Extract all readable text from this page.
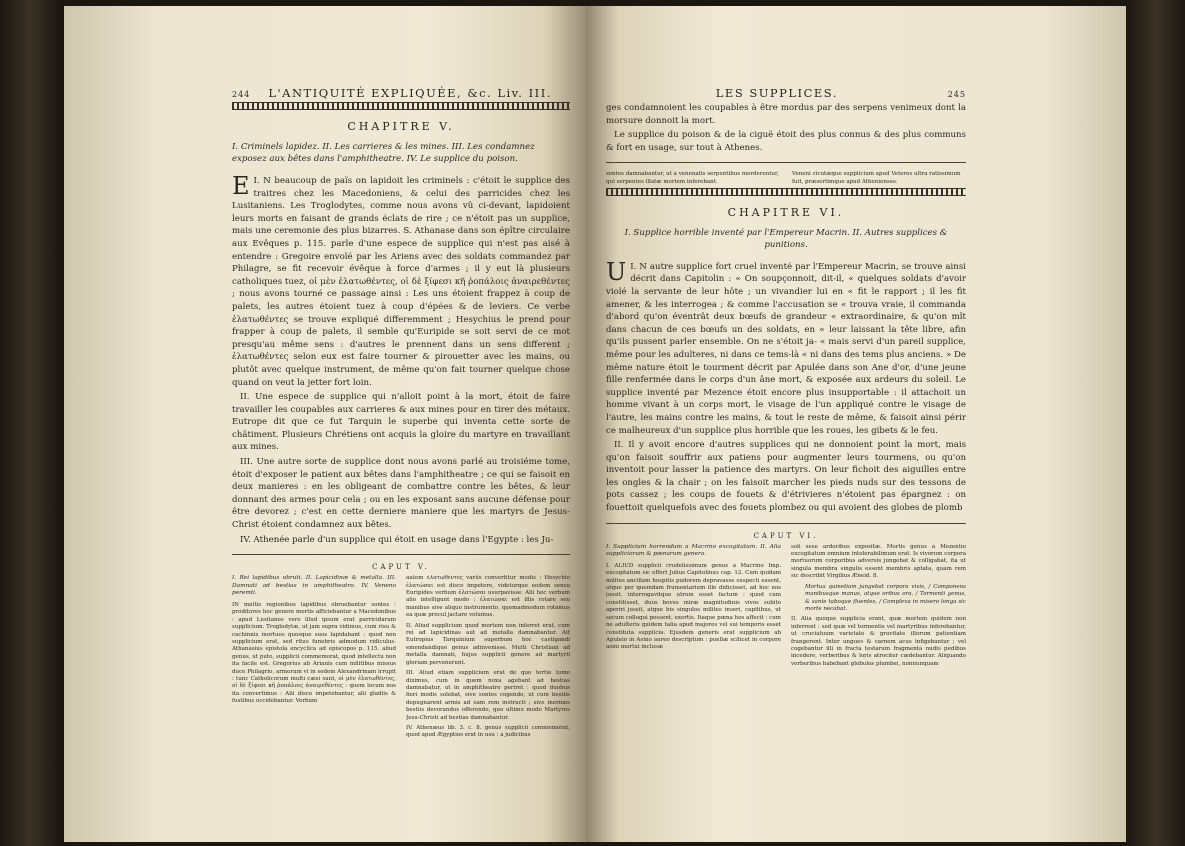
244	L'ANTIQUITÉ EXPLIQUÉE, &c. Liv. III.
CHAPITRE V.

I. Criminels lapidez. II. Les carrieres & les mines. III. Les condamnez exposez aux bêtes dans l'amphitheatre. IV. Le supplice du poison.

I.
E N beaucoup de païs on lapidoit les criminels : c'étoit le supplice des traitres chez les Macedoniens, & celui des parricides chez les Lusitaniens. Les Troglodytes, comme nous avons vû ci-devant, lapidoient leurs morts en faisant de grands éclats de rire ; ce n'étoit pas un supplice, mais une ceremonie des plus bizarres. S. Athanase dans son épître circulaire aux Evêques p. 115. parle d'une espece de supplice qui n'est pas aisé à entendre : Gregoire envoïé par les Ariens avec des soldats commandez par Philagre, se fit recevoir évêque à force d'armes ; il y eut là plusieurs catholiques tuez, οἱ μὲν ἐλατωθέντες, οἱ δὲ ξίφεσι κῆ ῥοπάλοις ἀναιρεθέντες ; nous avons tourné ce passage ainsi : Les uns étoient frappez à coup de palets, les autres étoient tuez à coup d'épées & de leviers. Ce verbe ἐλατωθέντες se trouve expliqué differemment ; Hesychius le prend pour frapper à coup de palets, il semble qu'Euripide se soit servi de ce mot presqu'au même sens : d'autres le prennent dans un sens different ; ἐλατωθέντες selon eux est faire tourner & pirouetter avec les mains, ou plutôt avec quelque instrument, de même qu'on fait tourner quelque chose quand on veut la jetter fort loin.

II. Une espece de supplice qui n'alloit point à la mort, étoit de faire travailler les coupables aux carrieres & aux mines pour en tirer des métaux. Eutrope dit que ce fut Tarquin le superbe qui inventa cette sorte de châtiment. Plusieurs Chrétiens ont acquis la gloire du martyre en travaillant aux mines.

III. Une autre sorte de supplice dont nous avons parlé au troisiéme tome, étoit d'exposer le patient aux bêtes dans l'amphitheatre ; ce qui se faisoit en deux manieres : en les obligeant de combattre contre les bêtes, & leur donnant des armes pour cela ; ou en les exposant sans aucune défense pour être devorez ; c'est en cette derniere maniere que les martyrs de Jesus-Christ étoient condamnez aux bêtes.

IV. Athenée parle d'un supplice qui étoit en usage dans l'Egypte : les Ju-

CAPUT V.

I. Rei lapidibus obruti. II. Lapicidinæ & metalla. III. Damnati ad bestias in amphitheatro. IV. Veneno peremti.

IN multis regionibus lapidibus obruebantur sontes : proditores hoc genere mortis afficiebantur a Macedonibus : apud Lusitanos vero illud ipsum erat parricidarum supplicium. Troglodytæ, ut jam supra vidimus, cum risu & cachinnis mortuos quosque suos lapidabant : quod non supplicium erat, sed ritus funebris admodum ridiculus. Athanasius epistola encyclica ad episcopos p. 115. aliud genus, ut puto, supplicii commemorat, quod intellectu non ita facile est. Gregorius ab Arianis cum militibus missus duce Philagrio, armorum vi in sedem Alexandrinam irrupit : tunc Catholicorum multi cæsi sunt, οἱ μὲν ἐλατωθέντες, οἱ δὲ ξίφεσι κῆ ῥοπάλοις ἀναιρεθέντες : quem locum nos ita convertimus : Alii disco impetebantur, alii gladiis & fustibus occidebantur. Verbum

autem ἐλατωθέντες variis convertitur modis : Hesychio ἐλατώσαι est disco impetere, videturque eodem sensu Euripides verbum ἐλατώσαι usurpavisse. Alii hoc verbum alio intelligunt modo : ἐλατώσαι est illis rotare seu manibus sive aliquo instrumento, quemadmodum rotamus ea quæ procul jactare volumus.

II. Aliud supplicium quod mortem non inferret erat, cum rei ad lapicidinas aut ad metalla damnabantur. Ait Eutropius Tarquinium superbum hoc castigandi emendandique genus adinvenisse. Multi Christiani ad metalla damnati, hujus supplicii genere ad martyrii gloriam pervenerunt.

III. Aliud etiam supplicium erat de quo tertio tomo diximus, cum in quem noxa agebant ad bestias damnabatur, ut in amphitheatro periret : quod duobus fieri modis solebat, sive sontes cogendo, ut cum bestiis depugnarent armis ad eam rem instructi ; sive inermes bestiis devorandos offerendo, quo ultimo modo Martyres Jesu-Christi ad bestias damnabantur.

IV. Athenæus lib. 3. c. 8. genus supplicii commemorat, quod apud Ægyptios erat in usu : a judicibus

LES SUPPLICES.	245

ges condamnoient les coupables à être mordus par des serpens venimeux dont la morsure donnoit la mort.

Le supplice du poison & de la ciguë étoit des plus connus & des plus communs & fort en usage, sur tout à Athenes.

sontes damnabantur, ut a venenatis serpentibus morderentur, qui serpentes illatæ mortem inferebant.

Veneni cicutæque supplicium apud Veteres ultra ratissimum fuit, præsertimque apud Athenienses.

CHAPITRE VI.

I. Supplice horrible inventé par l'Empereur Macrin. II. Autres supplices & punitions.

I.
U N autre supplice fort cruel inventé par l'Empereur Macrin, se trouve ainsi décrit dans Capitolin : « On soupçonnoit, dit-il, « quelques soldats d'avoir violé la servante de leur hôte ; un vivandier lui en « fit le rapport ; il les fit amener, & les interrogea ; & comme l'accusation se « trouva vraie, il commanda d'abord qu'on éventrât deux bœufs de grandeur « extraordinaire, & qu'on mît dans chacun de ces bœufs un des soldats, en « leur laissant la tête libre, afin qu'ils pussent parler ensemble. On ne s'étoit ja- « mais servi d'un pareil supplice, même pour les adulteres, ni dans ce tems-là « ni dans des tems plus anciens. » De même nature étoit le tourment décrit par Apulée dans son Ane d'or, d'une jeune fille renfermée dans le corps d'un âne mort, & exposée aux ardeurs du soleil. Le supplice inventé par Mezence étoit encore plus insupportable : il attachoit un homme vivant à un corps mort, le visage de l'un appliqué contre le visage de l'autre, les mains contre les mains, & tout le reste de même, & faisoit ainsi périr ce malheureux d'un supplice plus horrible que les roues, les gibets & le feu.

II. Il y avoit encore d'autres supplices qui ne donnoient point la mort, mais qu'on faisoit souffrir aux patiens pour augmenter leurs tourmens, ou qu'on inventoit pour lasser la patience des martyrs. On leur fichoit des aiguilles entre les ongles & la chair ; on les faisoit marcher les pieds nuds sur des tessons de pots cassez ; les coups de fouets & d'étrivieres n'étoient pas épargnez : on fouettoit quelquefois avec des fouets plombez ou qui avoient des globes de plomb

CAPUT VI.

I. Supplicium horrendum a Macrino excogitatum. II. Alia suppliciorum & pœnarum genera.

I. ALIUD supplicii crudelissimum genus a Macrino Imp. excogitatum sic effert Julius Capitolinus cap. 12. Cum quidam milites ancillam hospitis pudorem depravasse suspecti essent, atque per quemdam frumentarium ille didicisset, ad hoc eos jussit, interrogavitque utrum esset factum : quod cum constitisset, duos boves miræ magnitudinis vivos subito aperiri jussit, atque bis singulos milites inseri, capitibus, ut secum colloqui possent, exertis. Itaque pœna hos affecit : cum ne adulteris quidem talia apud majores vel sui temporis esset constituta supplicia. Ejusdem generis erat supplicium ab Apuleio in Asino aureo descriptum : puellæ scilicet in corpore asini mortui inclusæ

soli sese ardoribus expositæ. Mortis genus a Mezentio excogitatum omnium intolerabilimum erat. Is vivorum corpora mortuorum corporibus adversis jungebat & colligabat, ita ut singula membra singulis essent membris aptata, quam rem sic describit Virgilius Æneid. 8.

Mortua quinetiam jungebat corpora vivis, / Componens manibusque manus, atque oribus ora, / Tormenti genus, & sanie taboque fluentes, / Complexu in misero longa sic morte necabat.

II. Alia quoque supplicia erant, quæ mortem quidem non inferrent : sed quæ vel tormentis vel martyribus inferebantur, ut cruciatuum varietate & gravitate illorum patientiam frangerent. Inter ungues & carnem acus infigebantur ; vel cogebantur illi in fracta testarum fragmenta nudis pedibus incedere, verberibus & loris atrociter cædebantur. Aliquando verberibus habebant globulos plumbei, nonnunquam
